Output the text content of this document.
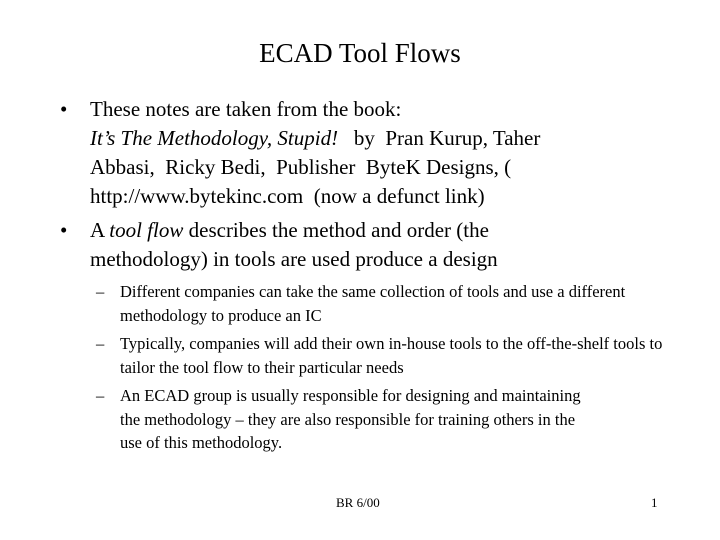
ECAD Tool Flows
• These notes are taken from the book:
It’s The Methodology, Stupid!   by  Pran Kurup, Taher
Abbasi,  Ricky Bedi,  Publisher  ByteK Designs, (
http://www.bytekinc.com  (now a defunct link)
• A tool flow describes the method and order (the methodology) in tools are used produce a design
– Different companies can take the same collection of tools and use a different methodology to produce an IC
– Typically, companies will add their own in-house tools to the off-the-shelf tools to tailor the tool flow to their particular needs
– An ECAD group is usually responsible for designing and maintaining the methodology – they are also responsible for training others in the use of this methodology.
BR 6/00	1
